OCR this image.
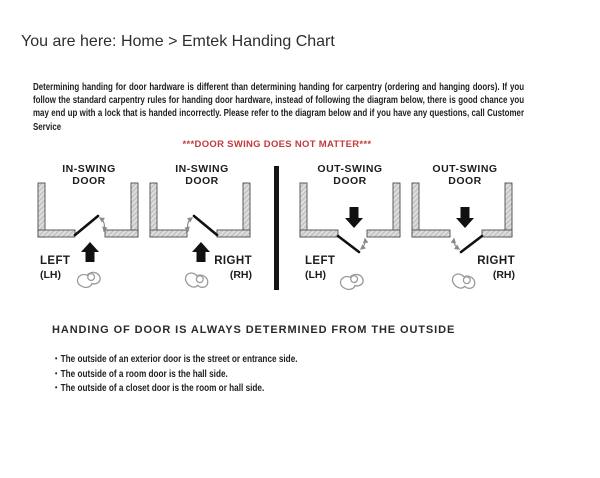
You are here: Home > Emtek Handing Chart
Determining handing for door hardware is different than determining handing for carpentry (ordering and hanging doors). If you follow the standard carpentry rules for handing door hardware, instead of following the diagram below, there is good chance you may end up with a lock that is handed incorrectly. Please refer to the diagram below and if you have any questions, call Customer Service
***DOOR SWING DOES NOT MATTER***
IN-SWING DOOR
IN-SWING DOOR
OUT-SWING DOOR
OUT-SWING DOOR
LEFT
(LH)
RIGHT
(RH)
LEFT
(LH)
RIGHT
(RH)
HANDING OF DOOR IS ALWAYS DETERMINED FROM THE OUTSIDE
• The outside of an exterior door is the street or entrance side.
• The outside of a room door is the hall side.
• The outside of a closet door is the room or hall side.
